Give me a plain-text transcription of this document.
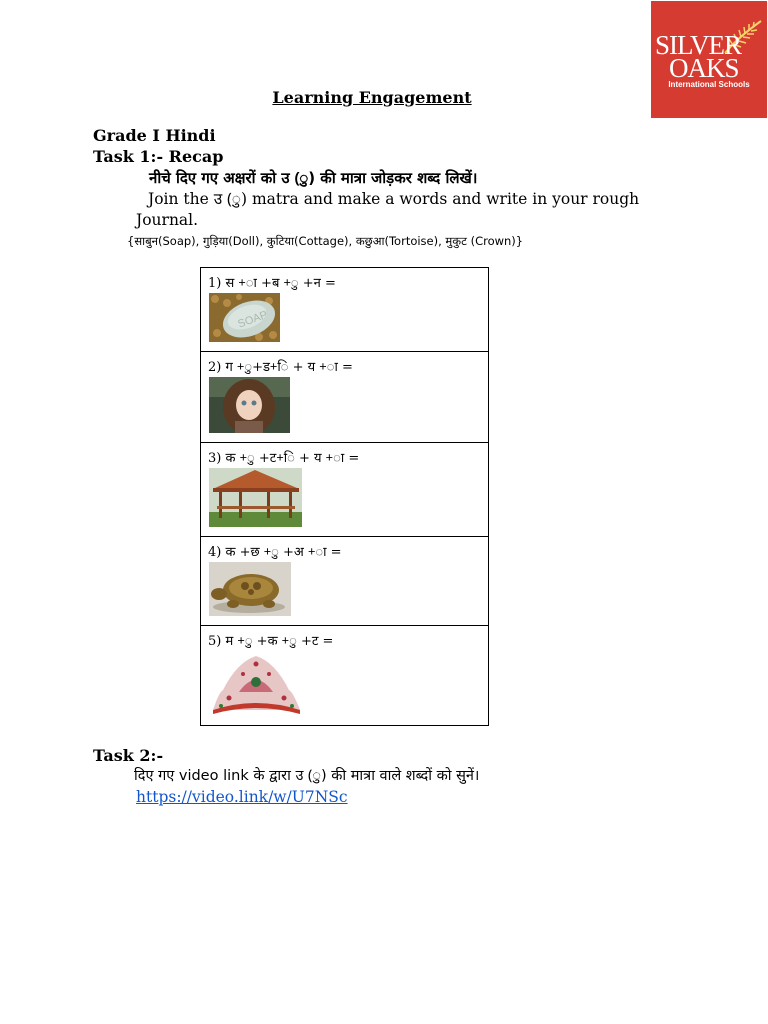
SILVER
OAKS
International Schools
Learning Engagement
Grade I Hindi
Task 1:- Recap
नीचे दिए गए अक्षरों को उ (ु) की मात्रा जोड़कर शब्द लिखें।
Join the उ (ु) matra and make a words and write in your rough
Journal.
{साबुन(Soap), गुड़िया(Doll), कुटिया(Cottage), कछुआ(Tortoise), मुकुट (Crown)}
1) स +ा +ब +ु +न =
SOAP
2) ग +ु+ड+ि + य +ा =
3) क +ु +ट+ि + य +ा =
4) क +छ +ु +अ +ा =
5) म +ु +क +ु +ट =
Task 2:-
दिए गए video link के द्वारा उ (ु) की मात्रा वाले शब्दों को सुनें।
https://video.link/w/U7NSc
